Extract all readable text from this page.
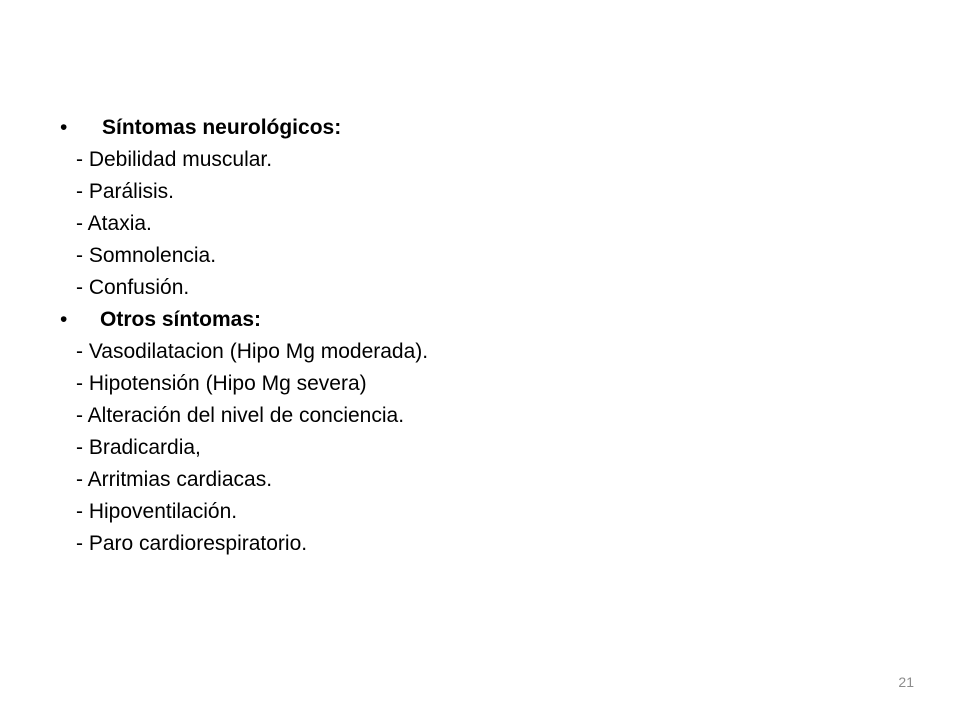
• Síntomas neurológicos:
- Debilidad muscular.
- Parálisis.
- Ataxia.
- Somnolencia.
- Confusión.
• Otros síntomas:
- Vasodilatacion (Hipo Mg moderada).
- Hipotensión (Hipo Mg severa)
- Alteración del nivel de conciencia.
- Bradicardia,
- Arritmias cardiacas.
- Hipoventilación.
- Paro cardiorespiratorio.
21
